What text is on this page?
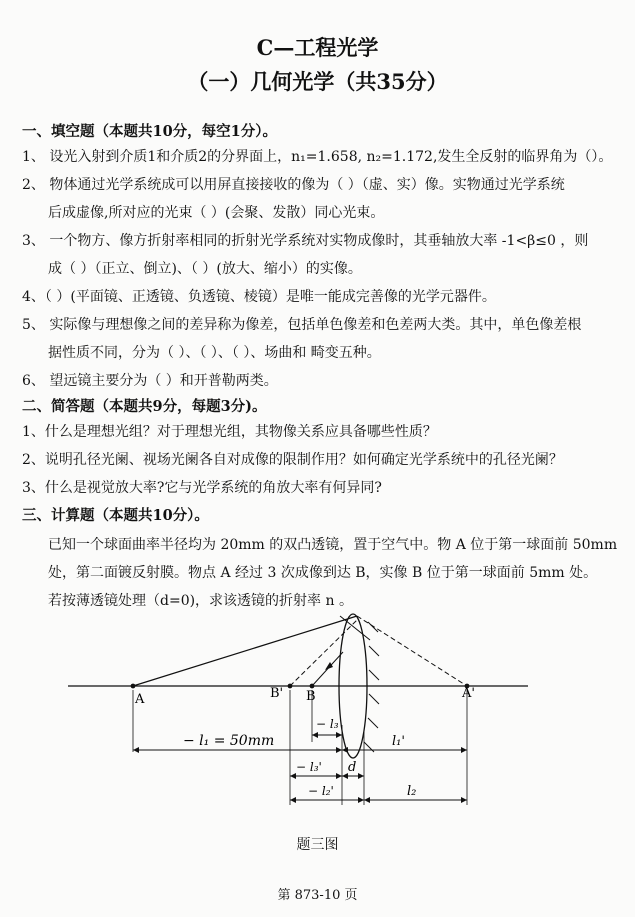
C—工程光学
（一）几何光学（共35分）
一、填空题（本题共10分，每空1分）。
1、 设光入射到介质1和介质2的分界面上，n₁=1.658, n₂=1.172,发生全反射的临界角为（）。
2、 物体通过光学系统成可以用屏直接接收的像为（ ）（虚、实）像。实物通过光学系统
后成虚像,所对应的光束（ ）(会聚、发散）同心光束。
3、 一个物方、像方折射率相同的折射光学系统对实物成像时，其垂轴放大率 -1<β≤0 ，则
成（ ）（正立、倒立)、（ ）(放大、缩小）的实像。
4、（ ）(平面镜、正透镜、负透镜、棱镜）是唯一能成完善像的光学元器件。
5、 实际像与理想像之间的差异称为像差，包括单色像差和色差两大类。其中，单色像差根
据性质不同，分为（ ）、（ ）、（ ）、场曲和 畸变五种。
6、 望远镜主要分为（ ）和开普勒两类。
二、简答题（本题共9分，每题3分)。
1、什么是理想光组？对于理想光组，其物像关系应具备哪些性质？
2、说明孔径光阑、视场光阑各自对成像的限制作用？如何确定光学系统中的孔径光阑？
3、什么是视觉放大率?它与光学系统的角放大率有何异同?
三、计算题（本题共10分）。
已知一个球面曲率半径均为 20mm 的双凸透镜，置于空气中。物 A 位于第一球面前 50mm
处，第二面镀反射膜。物点 A 经过 3 次成像到达 B，实像 B 位于第一球面前 5mm 处。
若按薄透镜处理（d=0)，求该透镜的折射率 n 。
A	B' B	A'
− l₁ = 50mm	l₁'
− l₃
− l₃' d
− l₂'	l₂
题三图
第 873-10 页
